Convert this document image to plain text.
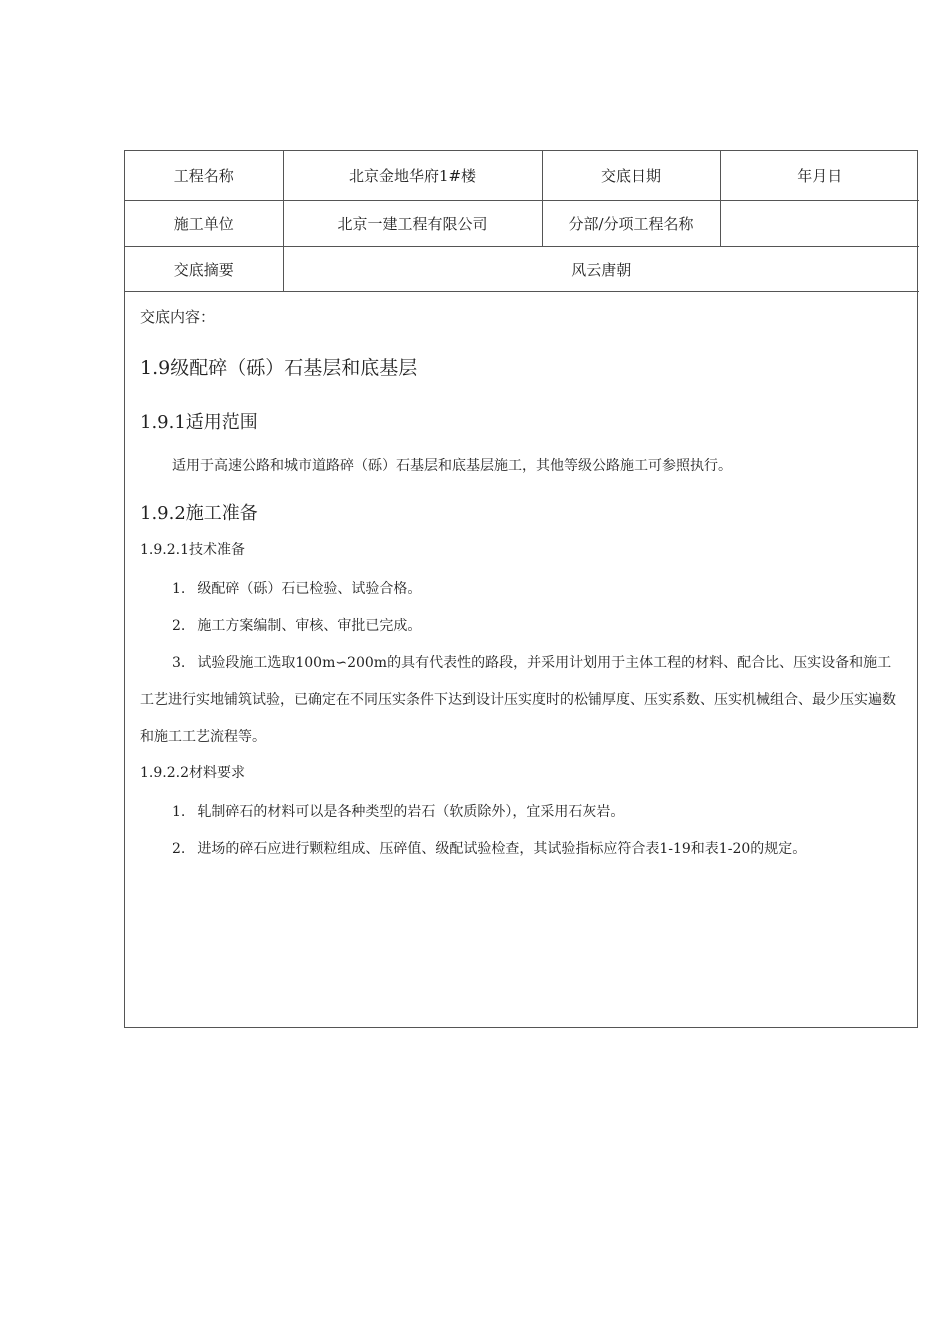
工程名称	北京金地华府1#楼	交底日期	年月日
施工单位	北京一建工程有限公司	分部/分项工程名称	
交底摘要	风云唐朝		

交底内容：

1.9级配碎（砾）石基层和底基层

1.9.1适用范围

适用于高速公路和城市道路碎（砾）石基层和底基层施工，其他等级公路施工可参照执行。

1.9.2施工准备

1.9.2.1技术准备

1. 级配碎（砾）石已检验、试验合格。

2. 施工方案编制、审核、审批已完成。

3. 试验段施工选取100m∽200m的具有代表性的路段，并采用计划用于主体工程的材料、配合比、压实设备和施工工艺进行实地铺筑试验，已确定在不同压实条件下达到设计压实度时的松铺厚度、压实系数、压实机械组合、最少压实遍数和施工工艺流程等。

1.9.2.2材料要求

1. 轧制碎石的材料可以是各种类型的岩石（软质除外），宜采用石灰岩。

2. 进场的碎石应进行颗粒组成、压碎值、级配试验检查，其试验指标应符合表1-19和表1-20的规定。
